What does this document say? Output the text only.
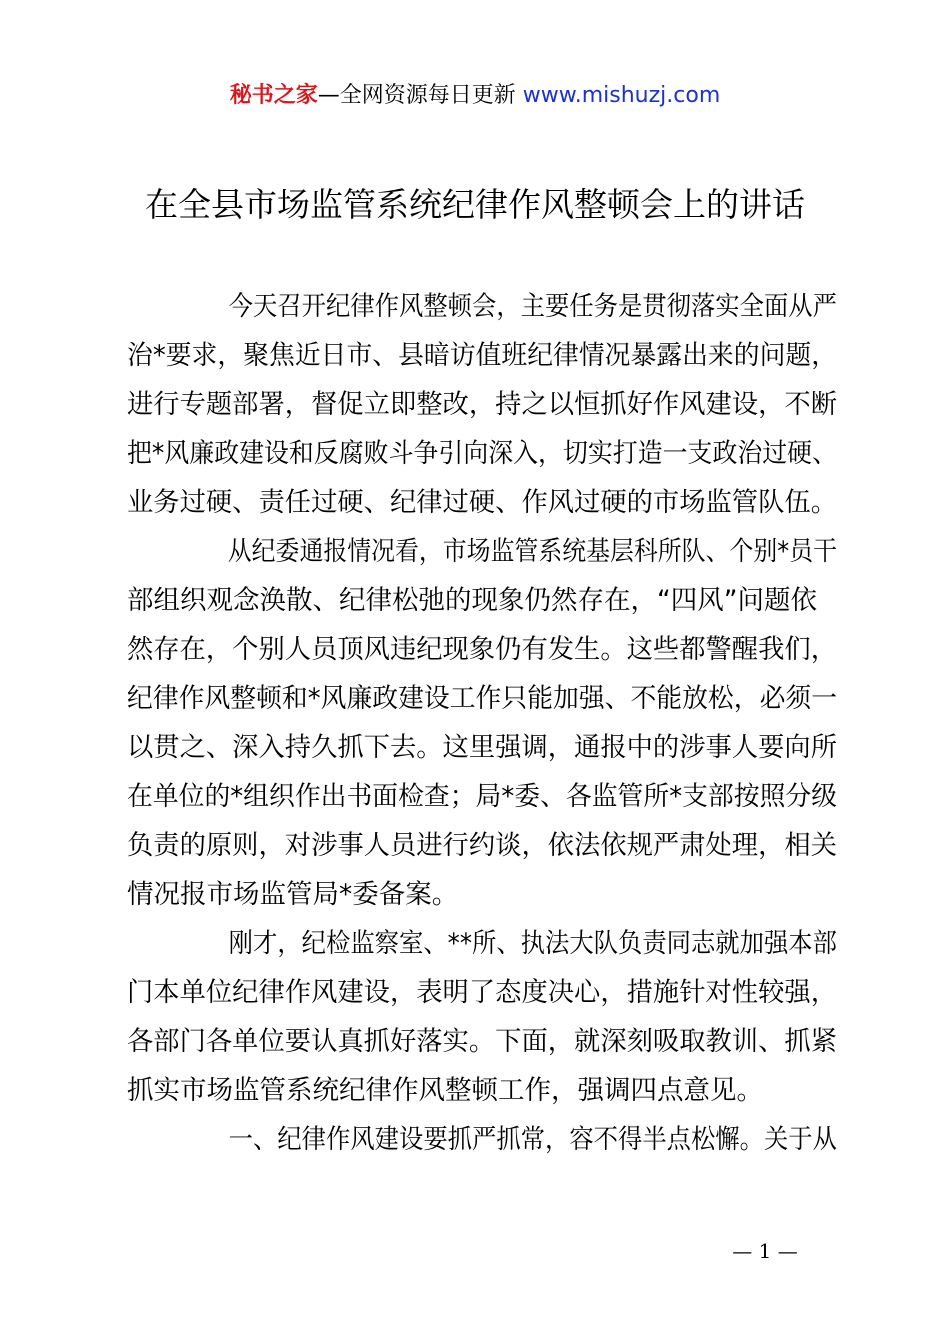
秘书之家—全网资源每日更新 www.mishuzj.com
在全县市场监管系统纪律作风整顿会上的讲话

今天召开纪律作风整顿会，主要任务是贯彻落实全面从严
治*要求，聚焦近日市、县暗访值班纪律情况暴露出来的问题，
进行专题部署，督促立即整改，持之以恒抓好作风建设，不断
把*风廉政建设和反腐败斗争引向深入，切实打造一支政治过硬、
业务过硬、责任过硬、纪律过硬、作风过硬的市场监管队伍。

从纪委通报情况看，市场监管系统基层科所队、个别*员干
部组织观念涣散、纪律松弛的现象仍然存在，“四风”问题依
然存在，个别人员顶风违纪现象仍有发生。这些都警醒我们，
纪律作风整顿和*风廉政建设工作只能加强、不能放松，必须一
以贯之、深入持久抓下去。这里强调，通报中的涉事人要向所
在单位的*组织作出书面检查；局*委、各监管所*支部按照分级
负责的原则，对涉事人员进行约谈，依法依规严肃处理，相关
情况报市场监管局*委备案。

刚才，纪检监察室、**所、执法大队负责同志就加强本部
门本单位纪律作风建设，表明了态度决心，措施针对性较强，
各部门各单位要认真抓好落实。下面，就深刻吸取教训、抓紧
抓实市场监管系统纪律作风整顿工作，强调四点意见。

一、纪律作风建设要抓严抓常，容不得半点松懈。关于从

— 1 —
